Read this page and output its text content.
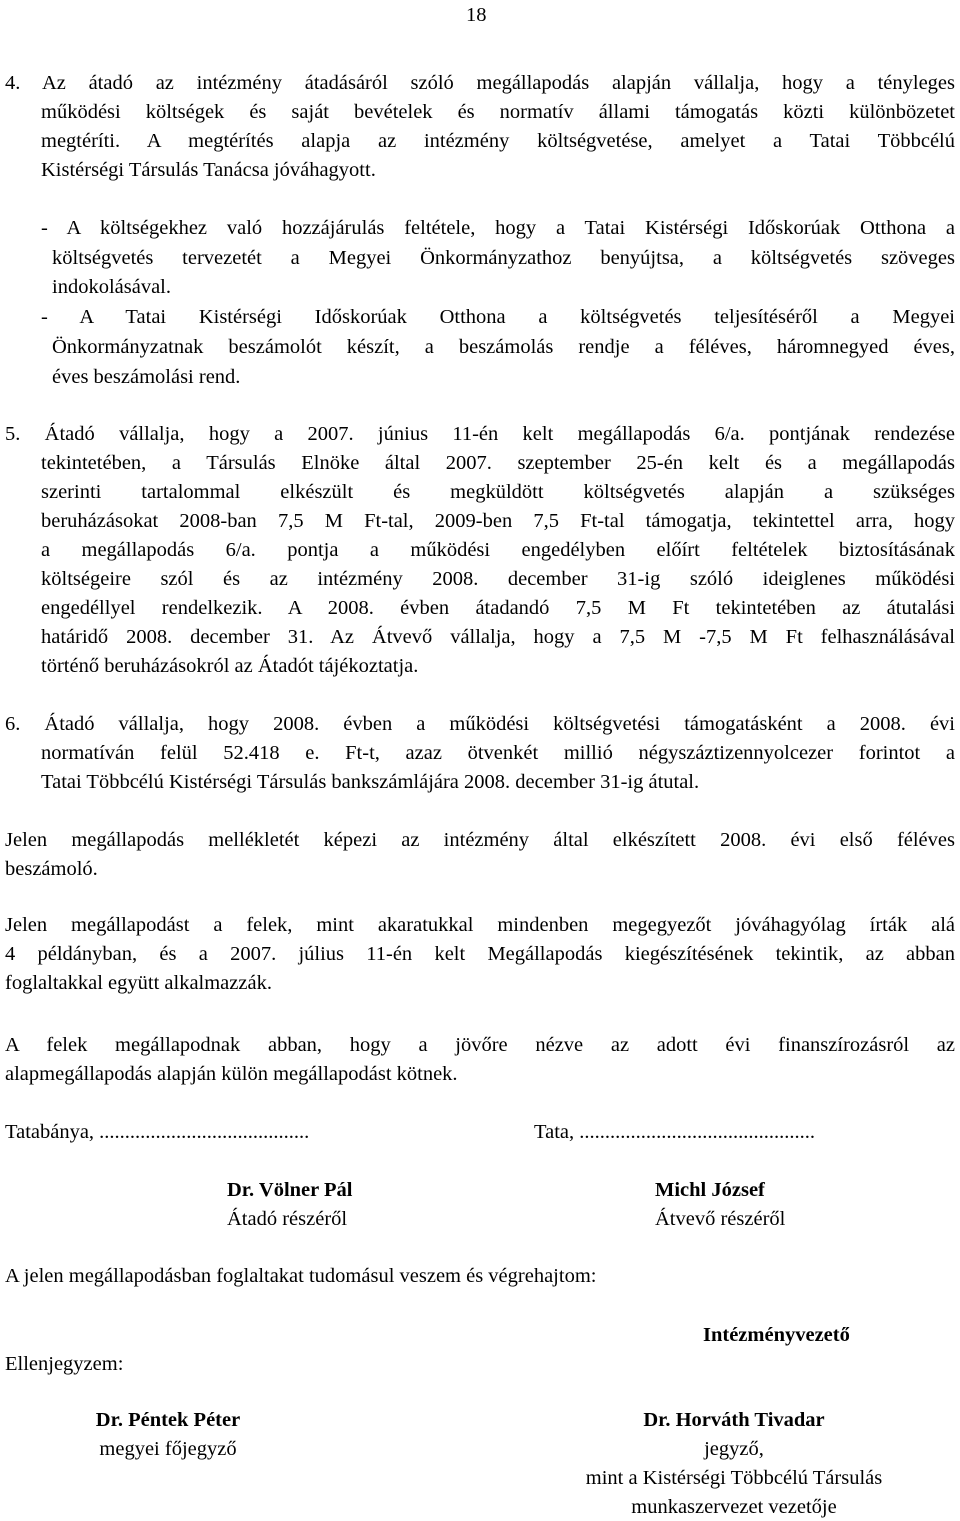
18
4. Az átadó az intézmény átadásáról szóló megállapodás alapján vállalja, hogy a tényleges
működési költségek és saját bevételek és normatív állami támogatás közti különbözetet
megtéríti. A megtérítés alapja az intézmény költségvetése, amelyet a Tatai Többcélú
Kistérségi Társulás Tanácsa jóváhagyott.
- A költségekhez való hozzájárulás feltétele, hogy a Tatai Kistérségi Időskorúak Otthona a
költségvetés tervezetét a Megyei Önkormányzathoz benyújtsa, a költségvetés szöveges
indokolásával.
- A Tatai Kistérségi Időskorúak Otthona a költségvetés teljesítéséről a Megyei
Önkormányzatnak beszámolót készít, a beszámolás rendje a féléves, háromnegyed éves,
éves beszámolási rend.
5. Átadó vállalja, hogy a 2007. június 11-én kelt megállapodás 6/a. pontjának rendezése
tekintetében, a Társulás Elnöke által 2007. szeptember 25-én kelt és a megállapodás
szerinti tartalommal elkészült és megküldött költségvetés alapján a szükséges
beruházásokat 2008-ban 7,5 M Ft-tal, 2009-ben 7,5 Ft-tal támogatja, tekintettel arra, hogy
a megállapodás 6/a. pontja a működési engedélyben előírt feltételek biztosításának
költségeire szól és az intézmény 2008. december 31-ig szóló ideiglenes működési
engedéllyel rendelkezik. A 2008. évben átadandó 7,5 M Ft tekintetében az átutalási
határidő 2008. december 31. Az Átvevő vállalja, hogy a 7,5 M -7,5 M Ft felhasználásával
történő beruházásokról az Átadót tájékoztatja.
6. Átadó vállalja, hogy 2008. évben a működési költségvetési támogatásként a 2008. évi
normatíván felül 52.418 e. Ft-t, azaz ötvenkét millió négyszáztizennyolcezer forintot a
Tatai Többcélú Kistérségi Társulás bankszámlájára 2008. december 31-ig átutal.
Jelen megállapodás mellékletét képezi az intézmény által elkészített 2008. évi első féléves
beszámoló.
Jelen megállapodást a felek, mint akaratukkal mindenben megegyezőt jóváhagyólag írták alá
4 példányban, és a 2007. július 11-én kelt Megállapodás kiegészítésének tekintik, az abban
foglaltakkal együtt alkalmazzák.
A felek megállapodnak abban, hogy a jövőre nézve az adott évi finanszírozásról az
alapmegállapodás alapján külön megállapodást kötnek.
Tatabánya, .........................................	Tata, ..............................................
Dr. Völner Pál
Átadó részéről
Michl József
Átvevő részéről
A jelen megállapodásban foglaltakat tudomásul veszem és végrehajtom:
Intézményvezető
Ellenjegyzem:
Dr. Péntek Péter
megyei főjegyző
Dr. Horváth Tivadar
jegyző,
mint a Kistérségi Többcélú Társulás
munkaszervezet vezetője
